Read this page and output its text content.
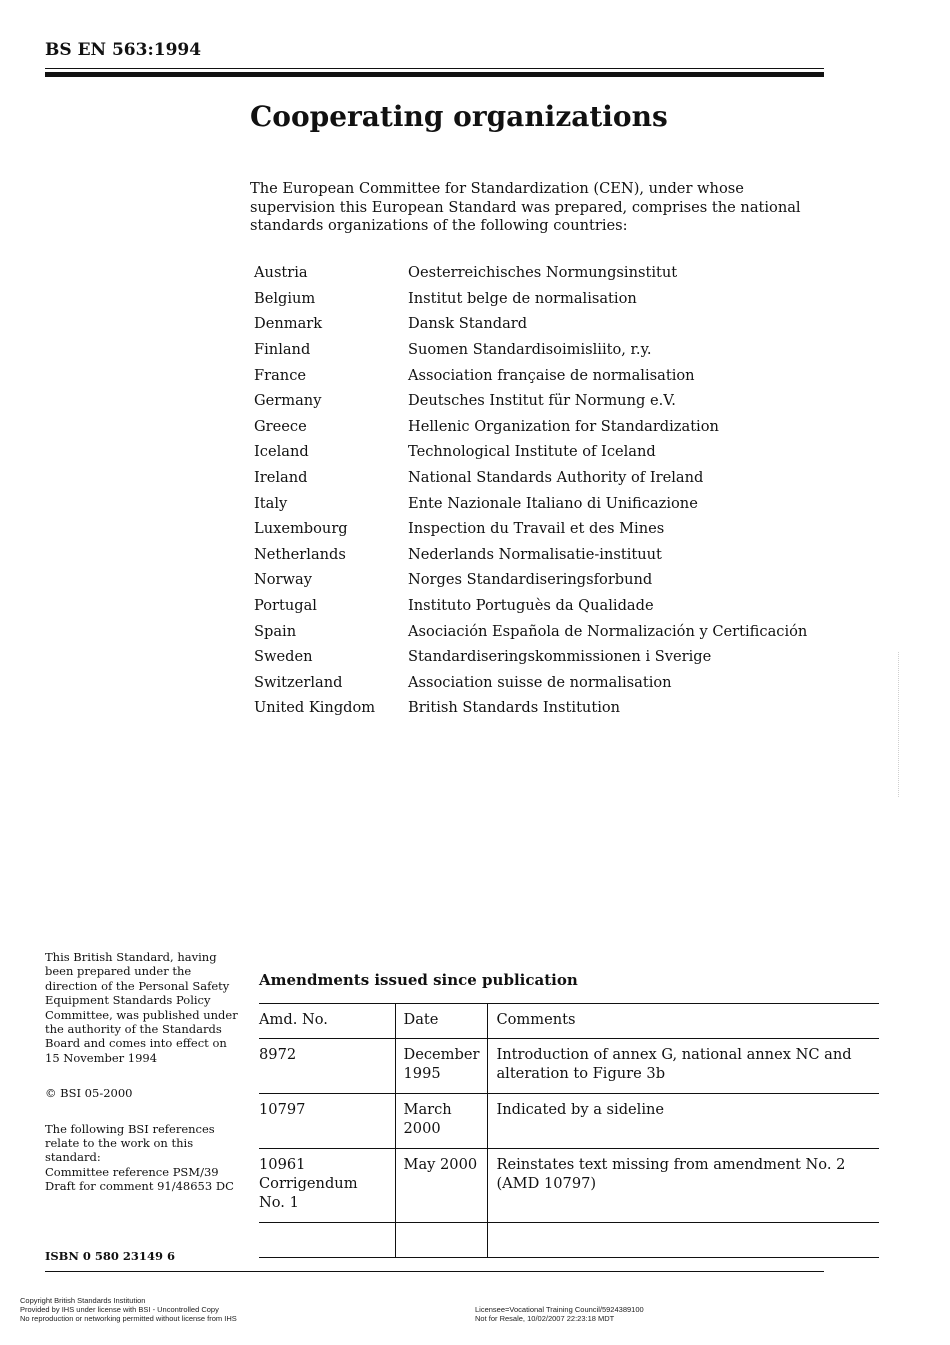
BS EN 563:1994
Cooperating organizations
The European Committee for Standardization (CEN), under whose supervision this European Standard was prepared, comprises the national standards organizations of the following countries:
Austria	Oesterreichisches Normungsinstitut
Belgium	Institut belge de normalisation
Denmark	Dansk Standard
Finland	Suomen Standardisoimisliito, r.y.
France	Association française de normalisation
Germany	Deutsches Institut für Normung e.V.
Greece	Hellenic Organization for Standardization
Iceland	Technological Institute of Iceland
Ireland	National Standards Authority of Ireland
Italy	Ente Nazionale Italiano di Unificazione
Luxembourg	Inspection du Travail et des Mines
Netherlands	Nederlands Normalisatie-instituut
Norway	Norges Standardiseringsforbund
Portugal	Instituto Portuguès da Qualidade
Spain	Asociación Española de Normalización y Certificación
Sweden	Standardiseringskommissionen i Sverige
Switzerland	Association suisse de normalisation
United Kingdom	British Standards Institution

This British Standard, having been prepared under the direction of the Personal Safety Equipment Standards Policy Committee, was published under the authority of the Standards Board and comes into effect on 15 November 1994

© BSI 05-2000

The following BSI references relate to the work on this standard:
Committee reference PSM/39
Draft for comment 91/48653 DC
ISBN 0 580 23149 6
Amendments issued since publication
Amd. No.	Date	Comments
8972	December 1995	Introduction of annex G, national annex NC and alteration to Figure 3b
10797	March 2000	Indicated by a sideline
10961 Corrigendum No. 1	May 2000	Reinstates text missing from amendment No. 2 (AMD 10797)

Copyright British Standards Institution
Provided by IHS under license with BSI - Uncontrolled Copy
No reproduction or networking permitted without license from IHS
Licensee=Vocational Training Council/5924389100
Not for Resale, 10/02/2007 22:23:18 MDT
